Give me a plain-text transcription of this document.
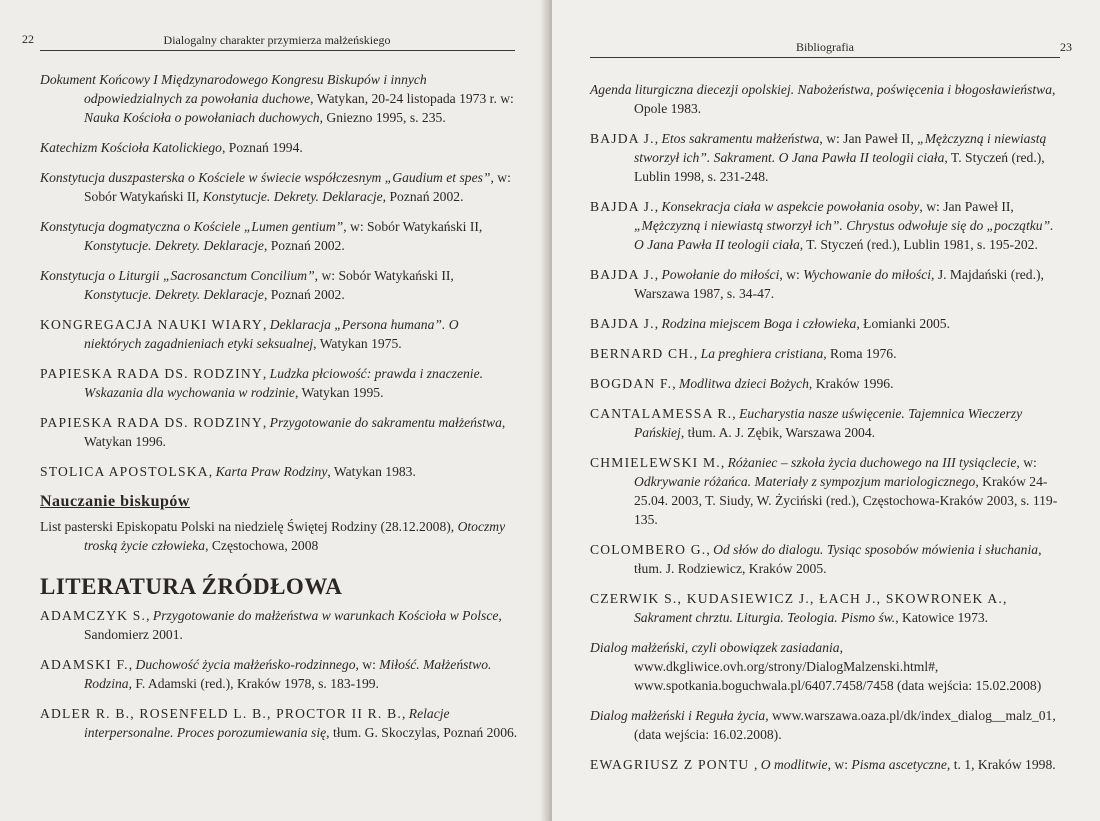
22	Dialogalny charakter przymierza małżeńskiego
Dokument Końcowy I Międzynarodowego Kongresu Biskupów i innych odpowiedzialnych za powołania duchowe, Watykan, 20-24 listopada 1973 r. w: Nauka Kościoła o powołaniach duchowych, Gniezno 1995, s. 235.
Katechizm Kościoła Katolickiego, Poznań 1994.
Konstytucja duszpasterska o Kościele w świecie współczesnym „Gaudium et spes”, w: Sobór Watykański II, Konstytucje. Dekrety. Deklaracje, Poznań 2002.
Konstytucja dogmatyczna o Kościele „Lumen gentium”, w: Sobór Watykański II, Konstytucje. Dekrety. Deklaracje, Poznań 2002.
Konstytucja o Liturgii „Sacrosanctum Concilium”, w: Sobór Watykański II, Konstytucje. Dekrety. Deklaracje, Poznań 2002.
KONGREGACJA NAUKI WIARY, Deklaracja „Persona humana”. O niektórych zagadnieniach etyki seksualnej, Watykan 1975.
PAPIESKA RADA DS. RODZINY, Ludzka płciowość: prawda i znaczenie. Wskazania dla wychowania w rodzinie, Watykan 1995.
PAPIESKA RADA DS. RODZINY, Przygotowanie do sakramentu małżeństwa, Watykan 1996.
STOLICA APOSTOLSKA, Karta Praw Rodziny, Watykan 1983.
Nauczanie biskupów
List pasterski Episkopatu Polski na niedzielę Świętej Rodziny (28.12.2008), Otoczmy troską życie człowieka, Częstochowa, 2008
LITERATURA ŹRÓDŁOWA
ADAMCZYK S., Przygotowanie do małżeństwa w warunkach Kościoła w Polsce, Sandomierz 2001.
ADAMSKI F., Duchowość życia małżeńsko-rodzinnego, w: Miłość. Małżeństwo. Rodzina, F. Adamski (red.), Kraków 1978, s. 183-199.
ADLER R. B., ROSENFELD L. B., PROCTOR II R. B., Relacje interpersonalne. Proces porozumiewania się, tłum. G. Skoczylas, Poznań 2006.
Bibliografia	23
Agenda liturgiczna diecezji opolskiej. Nabożeństwa, poświęcenia i błogosławieństwa, Opole 1983.
BAJDA J., Etos sakramentu małżeństwa, w: Jan Paweł II, „Mężczyzną i niewiastą stworzył ich”. Sakrament. O Jana Pawła II teologii ciała, T. Styczeń (red.), Lublin 1998, s. 231-248.
BAJDA J., Konsekracja ciała w aspekcie powołania osoby, w: Jan Paweł II, „Mężczyzną i niewiastą stworzył ich”. Chrystus odwołuje się do „początku”. O Jana Pawła II teologii ciała, T. Styczeń (red.), Lublin 1981, s. 195-202.
BAJDA J., Powołanie do miłości, w: Wychowanie do miłości, J. Majdański (red.), Warszawa 1987, s. 34-47.
BAJDA J., Rodzina miejscem Boga i człowieka, Łomianki 2005.
BERNARD CH., La preghiera cristiana, Roma 1976.
BOGDAN F., Modlitwa dzieci Bożych, Kraków 1996.
CANTALAMESSA R., Eucharystia nasze uświęcenie. Tajemnica Wieczerzy Pańskiej, tłum. A. J. Zębik, Warszawa 2004.
CHMIELEWSKI M., Różaniec – szkoła życia duchowego na III tysiąclecie, w: Odkrywanie różańca. Materiały z sympozjum mariologicznego, Kraków 24-25.04. 2003, T. Siudy, W. Życiński (red.), Częstochowa-Kraków 2003, s. 119-135.
COLOMBERO G., Od słów do dialogu. Tysiąc sposobów mówienia i słuchania, tłum. J. Rodziewicz, Kraków 2005.
CZERWIK S., KUDASIEWICZ J., ŁACH J., SKOWRONEK A., Sakrament chrztu. Liturgia. Teologia. Pismo św., Katowice 1973.
Dialog małżeński, czyli obowiązek zasiadania, www.dkgliwice.ovh.org/strony/DialogMalzenski.html#, www.spotkania.boguchwala.pl/6407.7458/7458 (data wejścia: 15.02.2008)
Dialog małżeński i Reguła życia, www.warszawa.oaza.pl/dk/index_dialog__malz_01, (data wejścia: 16.02.2008).
EWAGRIUSZ Z PONTU , O modlitwie, w: Pisma ascetyczne, t. 1, Kraków 1998.
